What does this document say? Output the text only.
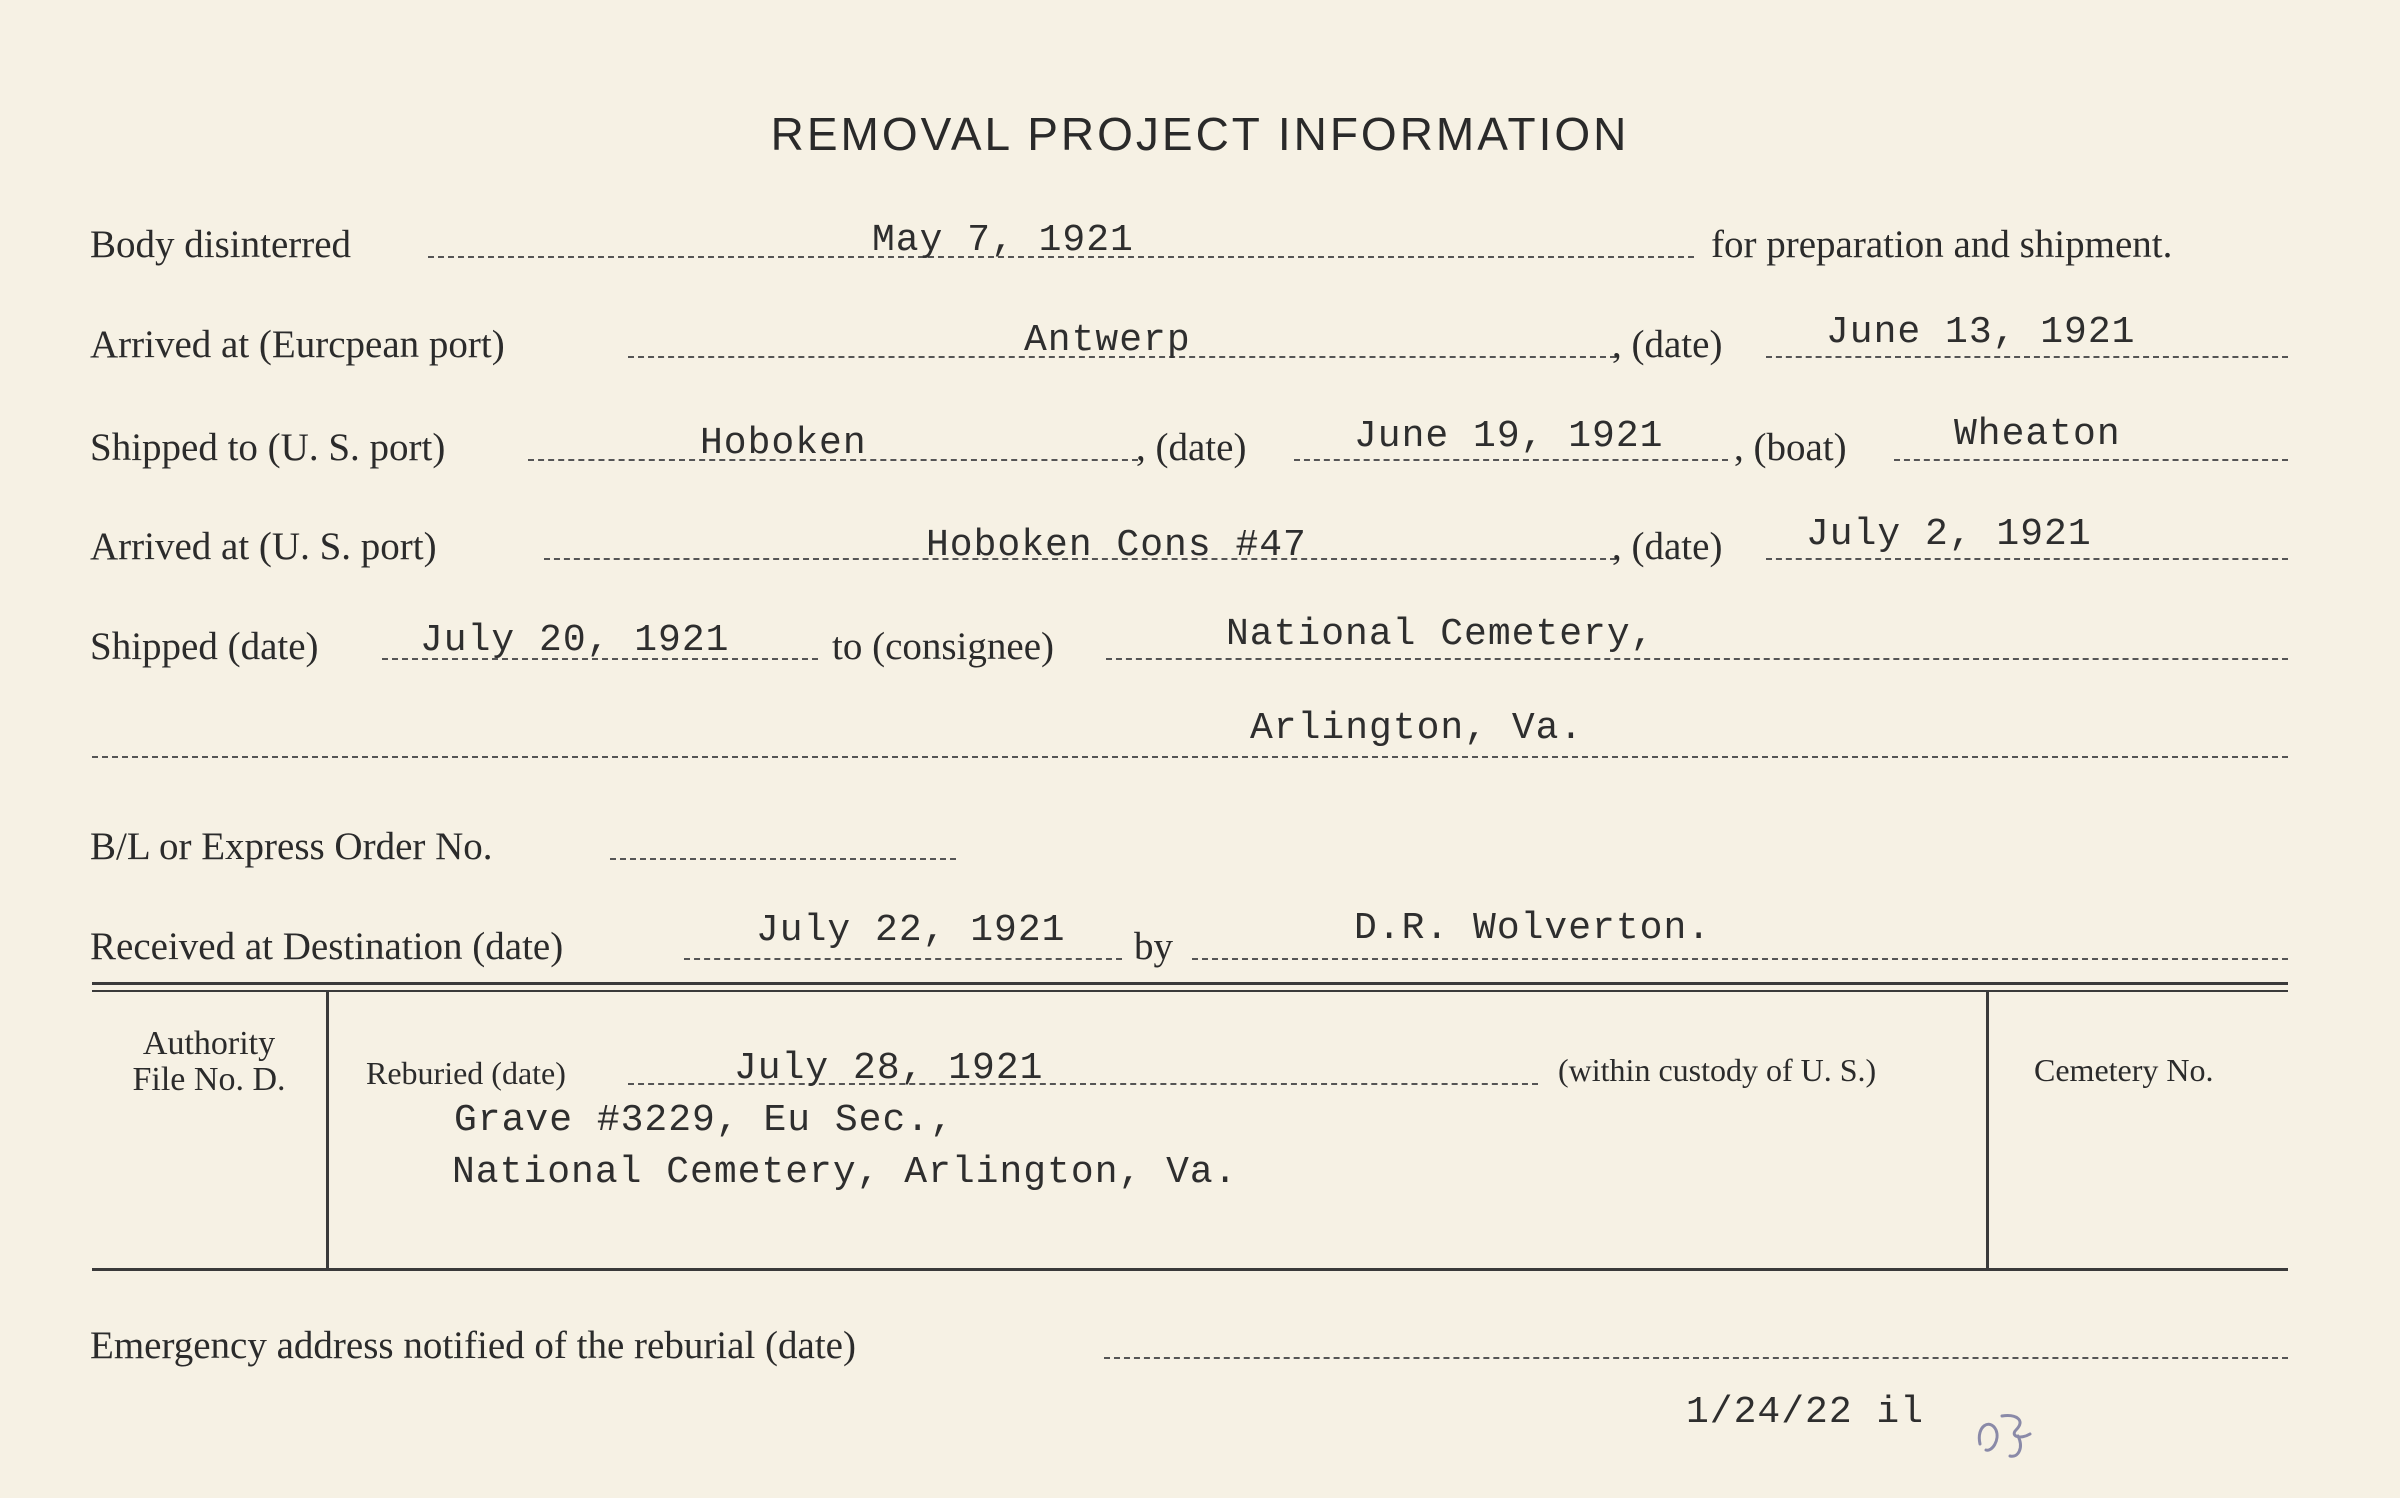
REMOVAL PROJECT INFORMATION
Body disinterred	May 7, 1921	for preparation and shipment.
Arrived at (Eurcpean port)	Antwerp	, (date)	June 13, 1921
Shipped to (U. S. port)	Hoboken	, (date)	June 19, 1921 , (boat)	Wheaton
Arrived at (U. S. port)	Hoboken Cons #47	, (date) July 2, 1921
Shipped (date)	July 20, 1921	to (consignee)	National Cemetery,
Arlington, Va.
B/L or Express Order No.
Received at Destination (date)	July 22, 1921 by	D.R. Wolverton.
Authority
File No. D.	Reburied (date)	July 28, 1921	(within custody of U. S.)	Cemetery No.
Grave #3229, Eu Sec.,
National Cemetery, Arlington, Va.
Emergency address notified of the reburial (date)
1/24/22 il
